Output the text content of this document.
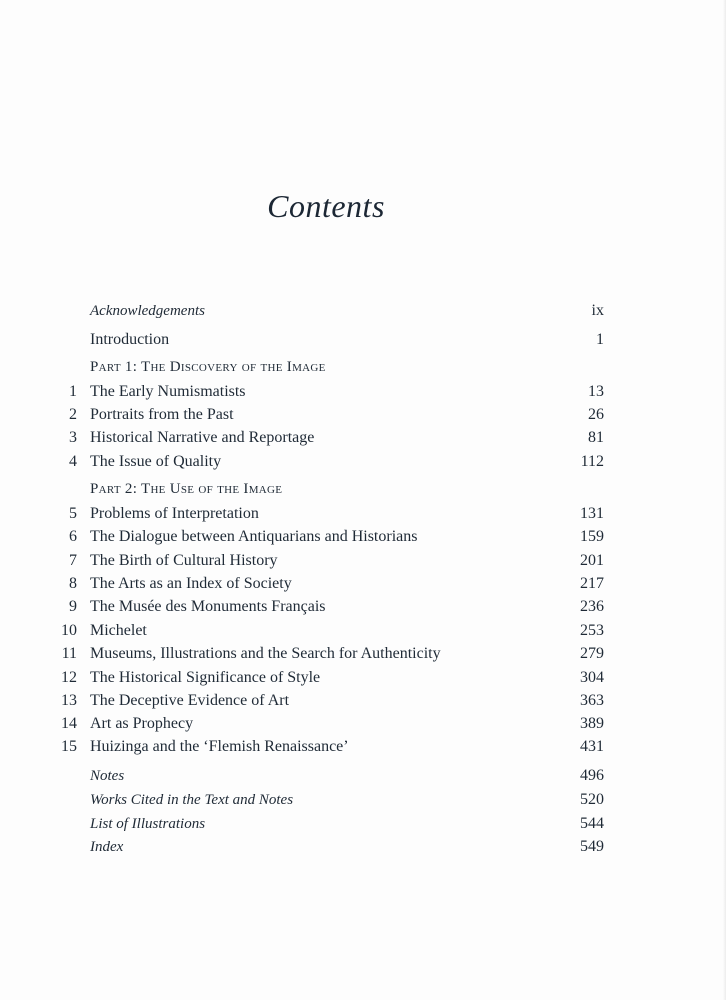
Contents
Acknowledgements	ix
Introduction	1
Part 1: The Discovery of the Image
1 The Early Numismatists	13
2 Portraits from the Past	26
3 Historical Narrative and Reportage	81
4 The Issue of Quality	112
Part 2: The Use of the Image
5 Problems of Interpretation	131
6 The Dialogue between Antiquarians and Historians	159
7 The Birth of Cultural History	201
8 The Arts as an Index of Society	217
9 The Musée des Monuments Français	236
10 Michelet	253
11 Museums, Illustrations and the Search for Authenticity	279
12 The Historical Significance of Style	304
13 The Deceptive Evidence of Art	363
14 Art as Prophecy	389
15 Huizinga and the ‘Flemish Renaissance’	431
Notes	496
Works Cited in the Text and Notes	520
List of Illustrations	544
Index	549
